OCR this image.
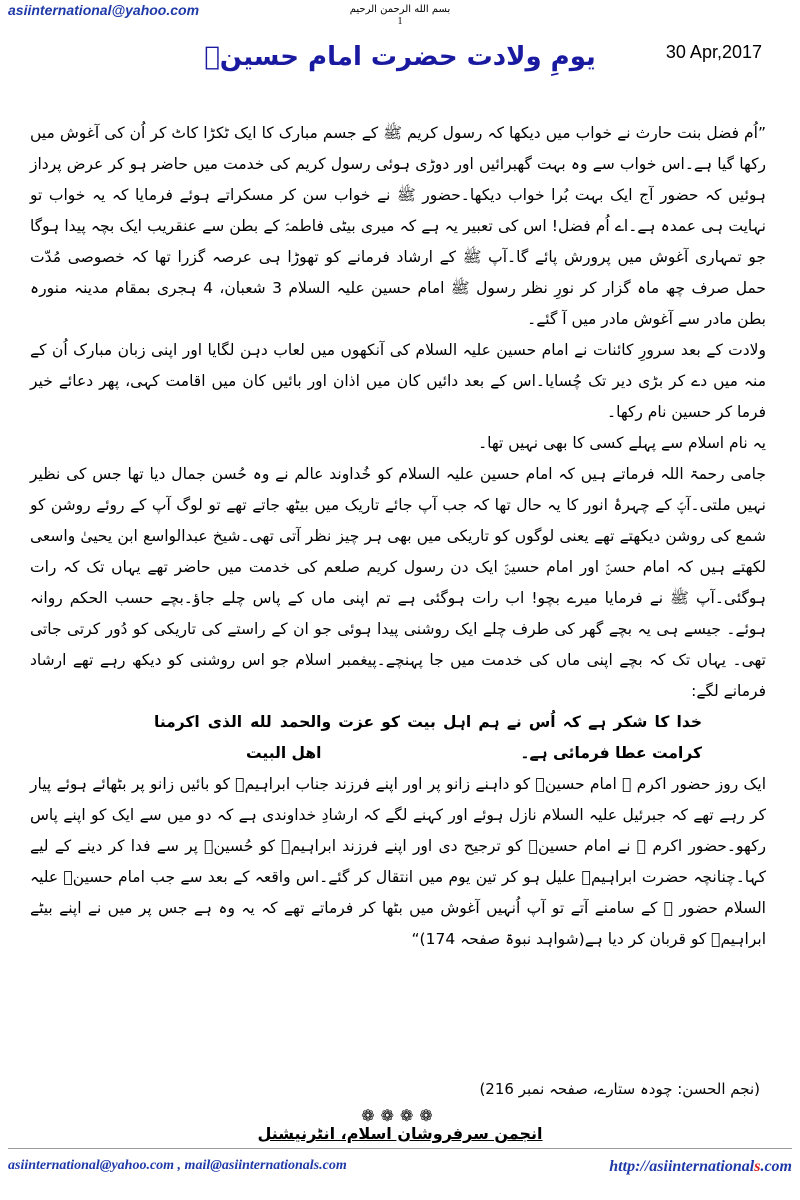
asiinternational@yahoo.com	بسم الله الرحمن الرحیم
1
30 Apr,2017
یومِ ولادت حضرت امام حسینؑ

”اُم فضل بنت حارث نے خواب میں دیکھا کہ رسول کریم ﷺ کے جسم مبارک کا ایک ٹکڑا کاٹ کر اُن کی آغوش میں رکھا گیا ہے۔اس خواب سے وہ بہت گھبرائیں اور دوڑی ہوئی رسول کریم کی خدمت میں حاضر ہو کر عرض پرداز ہوئیں کہ حضور آج ایک بہت بُرا خواب دیکھا۔حضور ﷺ نے خواب سن کر مسکراتے ہوئے فرمایا کہ یہ خواب تو نہایت ہی عمدہ ہے۔اے اُم فضل! اس کی تعبیر یہ ہے کہ میری بیٹی فاطمہؑ کے بطن سے عنقریب ایک بچہ پیدا ہوگا جو تمہاری آغوش میں پرورش پائے گا۔آپ ﷺ کے ارشاد فرمانے کو تھوڑا ہی عرصہ گزرا تھا کہ خصوصی مُدّت حمل صرف چھ ماہ گزار کر نورِ نظر رسول ﷺ امام حسین علیہ السلام 3 شعبان، 4 ہجری بمقام مدینہ منورہ بطن مادر سے آغوش مادر میں آ گئے۔

ولادت کے بعد سرورِ کائنات نے امام حسین علیہ السلام کی آنکھوں میں لعاب دہن لگایا اور اپنی زبان مبارک اُن کے منہ میں دے کر بڑی دیر تک چُسایا۔اس کے بعد دائیں کان میں اذان اور بائیں کان میں اقامت کہی، پھر دعائے خیر فرما کر حسین نام رکھا۔

یہ نام اسلام سے پہلے کسی کا بھی نہیں تھا۔

جامی رحمۃ اللہ فرماتے ہیں کہ امام حسین علیہ السلام کو خُداوند عالم نے وہ حُسن جمال دیا تھا جس کی نظیر نہیں ملتی۔آپؑ کے چہرۂ انور کا یہ حال تھا کہ جب آپ جائے تاریک میں بیٹھ جاتے تھے تو لوگ آپ کے روئے روشن کو شمع کی روشن دیکھتے تھے یعنی لوگوں کو تاریکی میں بھی ہر چیز نظر آتی تھی۔شیخ عبدالواسع ابن یحییٰ واسعی لکھتے ہیں کہ امام حسنؑ اور امام حسینؑ ایک دن رسول کریم صلعم کی خدمت میں حاضر تھے یہاں تک کہ رات ہوگئی۔آپ ﷺ نے فرمایا میرے بچو! اب رات ہوگئی ہے تم اپنی ماں کے پاس چلے جاؤ۔بچے حسب الحکم روانہ ہوئے۔ جیسے ہی یہ بچے گھر کی طرف چلے ایک روشنی پیدا ہوئی جو ان کے راستے کی تاریکی کو دُور کرتی جاتی تھی۔ یہاں تک کہ بچے اپنی ماں کی خدمت میں جا پہنچے۔پیغمبر اسلام جو اس روشنی کو دیکھ رہے تھے ارشاد فرمانے لگے:

خدا کا شکر ہے کہ اُس نے ہم اہل بیت کو عزت و کرامت عطا فرمائی ہے۔
الحمد لله الذی اکرمنا اھل البیت

ایک روز حضور اکرم ﷺ امام حسینؑ کو داہنے زانو پر اور اپنے فرزند جناب ابراہیمؑ کو بائیں زانو پر بٹھائے ہوئے پیار کر رہے تھے کہ جبرئیل علیہ السلام نازل ہوئے اور کہنے لگے کہ ارشادِ خداوندی ہے کہ دو میں سے ایک کو اپنے پاس رکھو۔حضور اکرم ﷺ نے امام حسینؑ کو ترجیح دی اور اپنے فرزند ابراہیمؑ کو حُسینؑ پر سے فدا کر دینے کے لیے کہا۔چنانچہ حضرت ابراہیمؑ علیل ہو کر تین یوم میں انتقال کر گئے۔اس واقعہ کے بعد سے جب امام حسینؑ علیہ السلام حضور ﷺ کے سامنے آتے تو آپ اُنہیں آغوش میں بٹھا کر فرماتے تھے کہ یہ وہ ہے جس پر میں نے اپنے بیٹے ابراہیمؑ کو قربان کر دیا ہے(شواہد نبوۃ صفحہ 174)“

(نجم الحسن: چودہ ستارے، صفحہ نمبر 216)
❁❁❁❁
انجمن سرفروشان اسلام، انٹرنیشنل
asiinternational@yahoo.com , mail@asiinternationals.com	http://asiinternationals.com
